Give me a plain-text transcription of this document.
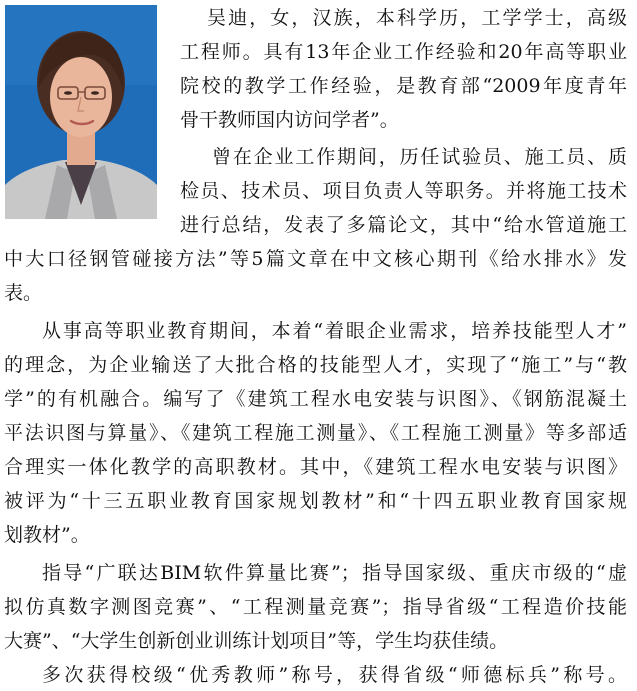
吴迪，女，汉族，本科学历，工学学士，高级
工程师。具有13年企业工作经验和20年高等职业
院校的教学工作经验，是教育部“2009年度青年
骨干教师国内访问学者”。
曾在企业工作期间，历任试验员、施工员、质
检员、技术员、项目负责人等职务。并将施工技术
进行总结，发表了多篇论文，其中“给水管道施工
中大口径钢管碰接方法”等5篇文章在中文核心期刊《给水排水》发
表。
从事高等职业教育期间，本着“着眼企业需求，培养技能型人才”
的理念，为企业输送了大批合格的技能型人才，实现了“施工”与“教
学”的有机融合。编写了《建筑工程水电安装与识图》、《钢筋混凝土
平法识图与算量》、《建筑工程施工测量》、《工程施工测量》等多部适
合理实一体化教学的高职教材。其中，《建筑工程水电安装与识图》
被评为“十三五职业教育国家规划教材”和“十四五职业教育国家规
划教材”。
指导“广联达BIM软件算量比赛”；指导国家级、重庆市级的“虚
拟仿真数字测图竞赛”、“工程测量竞赛”；指导省级“工程造价技能
大赛”、“大学生创新创业训练计划项目”等，学生均获佳绩。
多次获得校级“优秀教师”称号，获得省级“师德标兵”称号。
